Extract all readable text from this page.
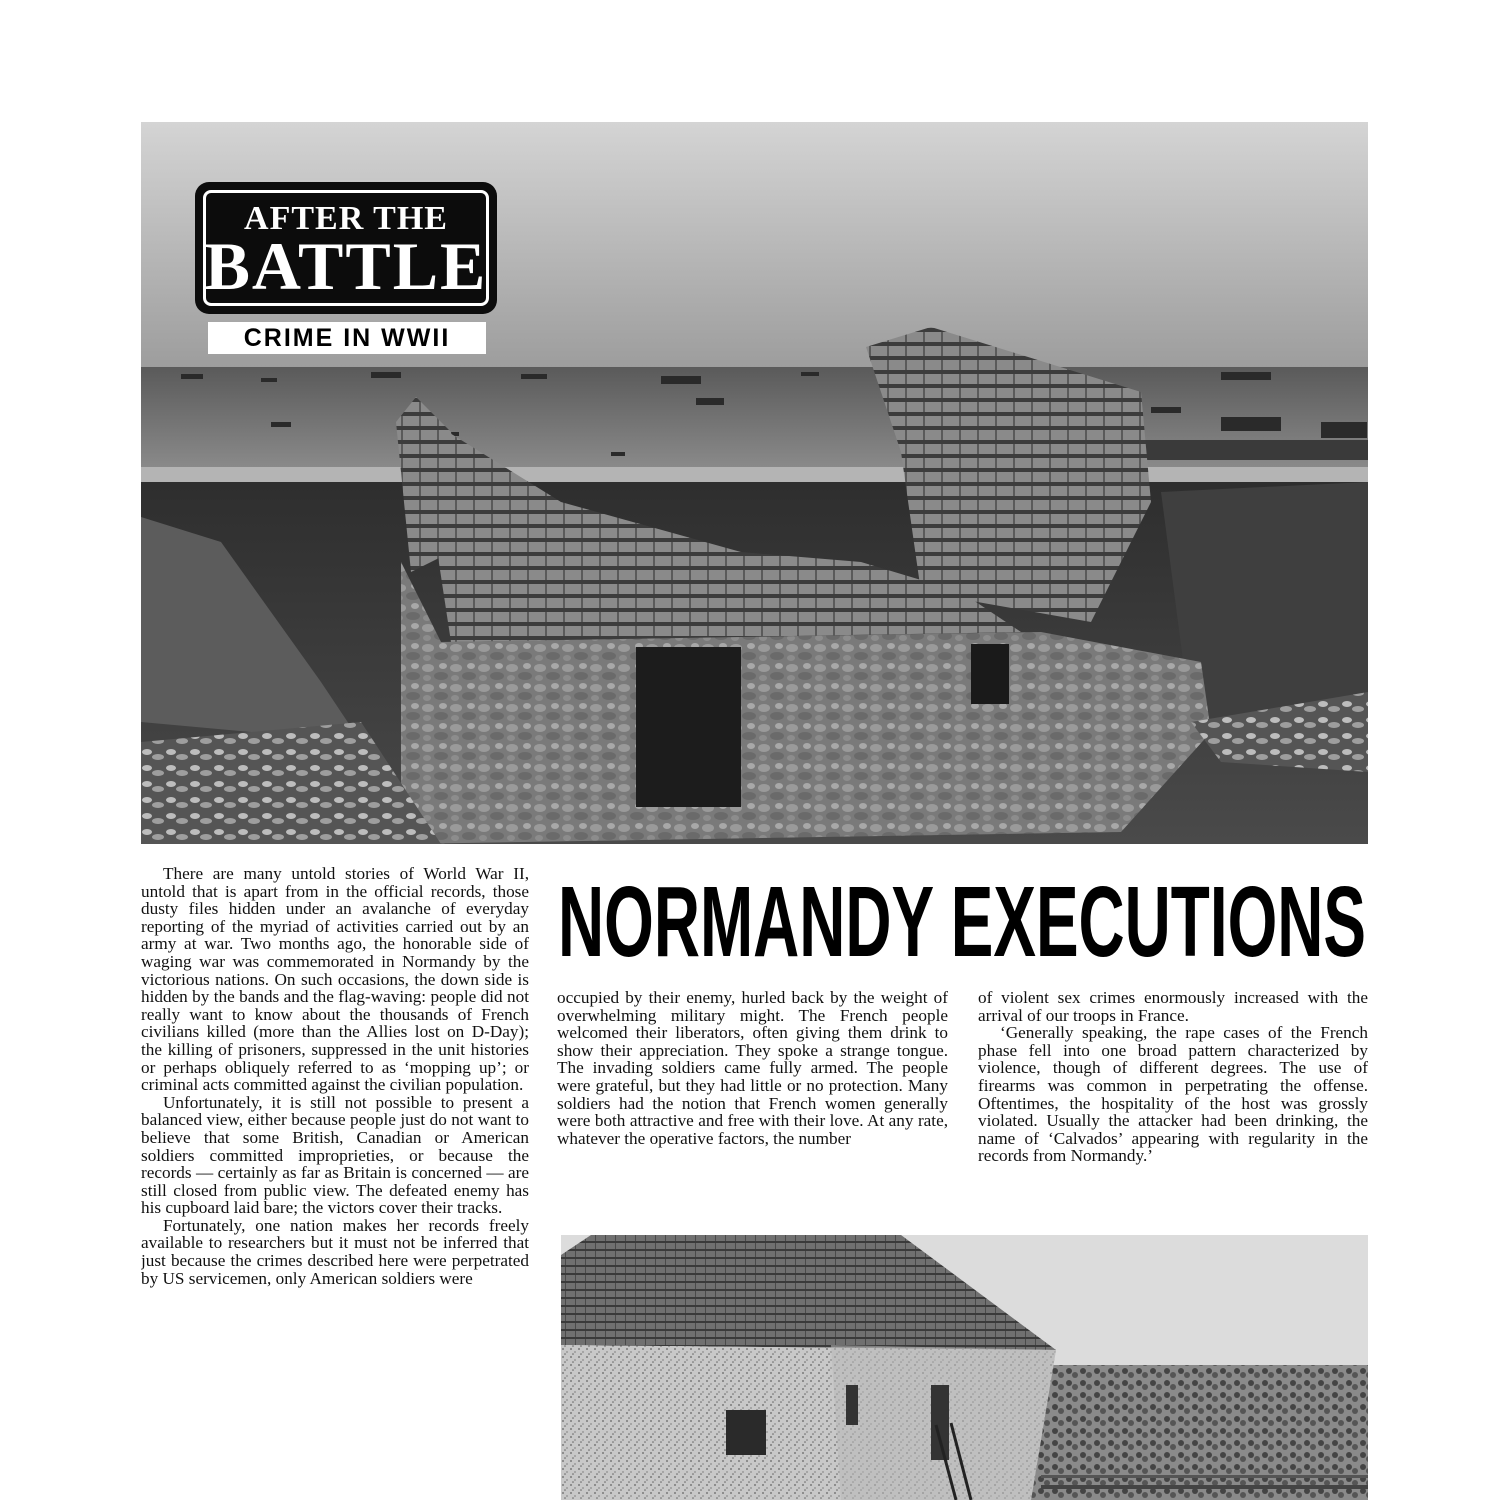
AFTER THE
BATTLE
CRIME IN WWII
NORMANDY EXECUTIONS

There are many untold stories of World War II, untold that is apart from in the official records, those dusty files hidden under an avalanche of everyday reporting of the myriad of activities carried out by an army at war. Two months ago, the honorable side of waging war was commemorated in Normandy by the victorious nations. On such occasions, the down side is hidden by the bands and the flag-waving: people did not really want to know about the thousands of French civilians killed (more than the Allies lost on D-Day); the killing of prisoners, suppressed in the unit histories or perhaps obliquely referred to as ‘mopping up’; or criminal acts committed against the civilian population.

Unfortunately, it is still not possible to present a balanced view, either because people just do not want to believe that some British, Canadian or American soldiers committed improprieties, or because the records — certainly as far as Britain is concerned — are still closed from public view. The defeated enemy has his cupboard laid bare; the victors cover their tracks.

Fortunately, one nation makes her records freely available to researchers but it must not be inferred that just because the crimes described here were perpetrated by US servicemen, only American soldiers were

occupied by their enemy, hurled back by the weight of overwhelming military might. The French people welcomed their liberators, often giving them drink to show their appreciation. They spoke a strange tongue. The invading soldiers came fully armed. The people were grateful, but they had little or no protection. Many soldiers had the notion that French women generally were both attractive and free with their love. At any rate, whatever the operative factors, the number

of violent sex crimes enormously increased with the arrival of our troops in France.

‘Generally speaking, the rape cases of the French phase fell into one broad pattern characterized by violence, though of different degrees. The use of firearms was common in perpetrating the offense. Oftentimes, the hospitality of the host was grossly violated. Usually the attacker had been drinking, the name of ‘Calvados’ appearing with regularity in the records from Normandy.’
